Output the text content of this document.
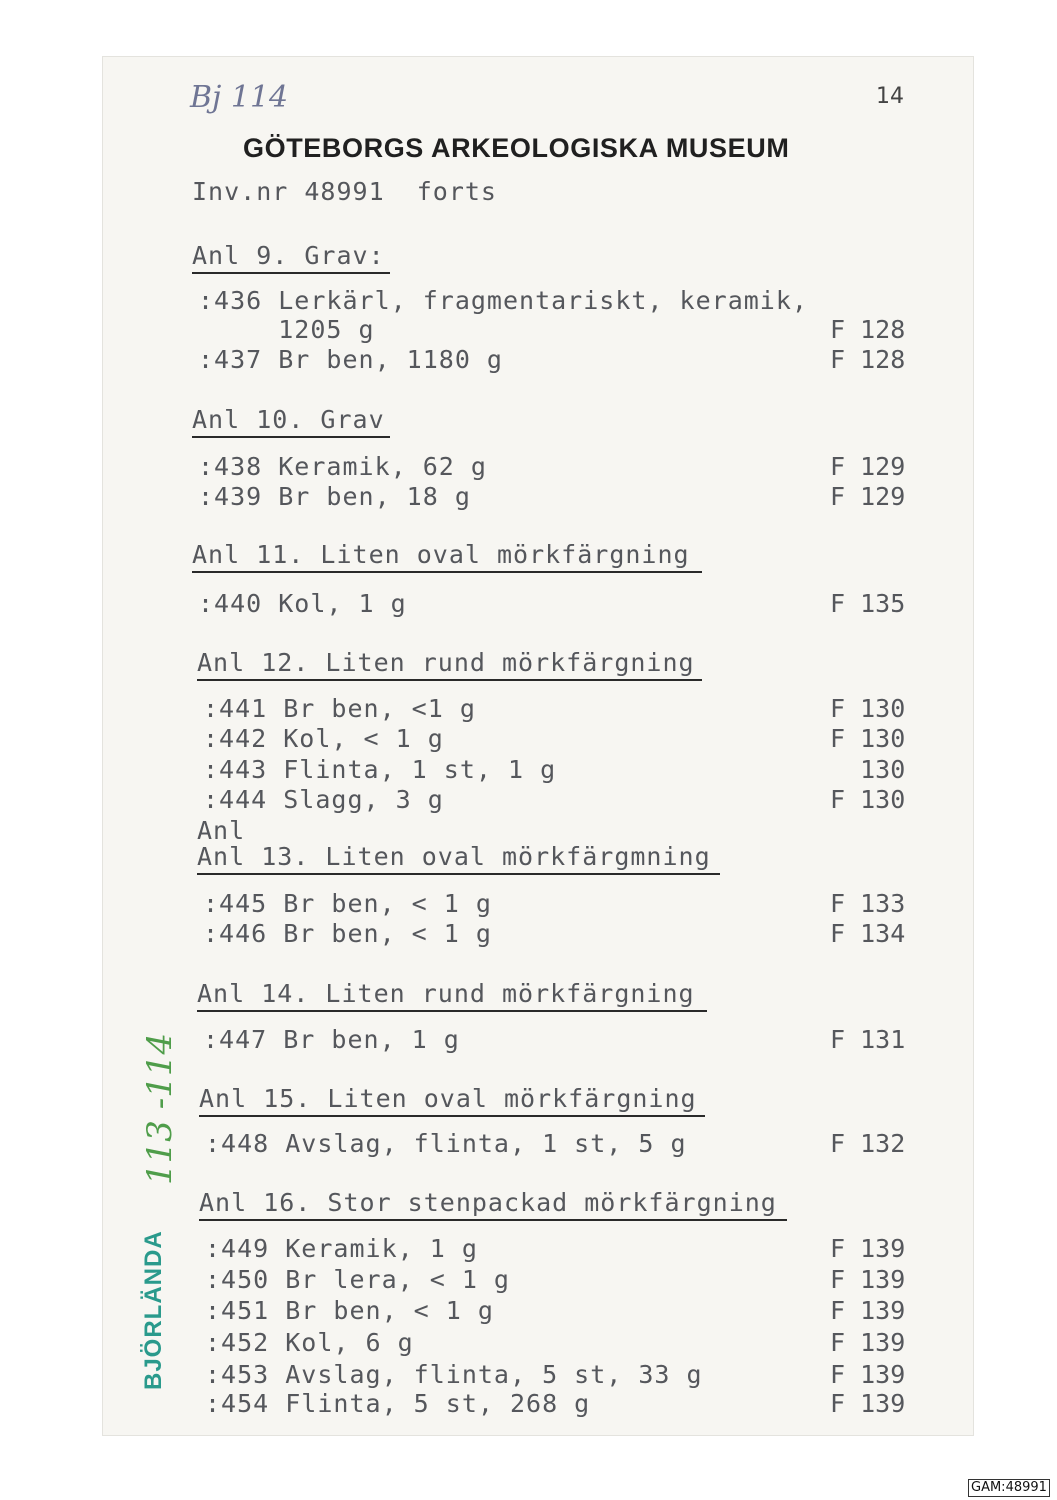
Bj 114	14
GÖTEBORGS ARKEOLOGISKA MUSEUM
Inv.nr 48991  forts
Anl 9. Grav:
:436 Lerkärl, fragmentariskt, keramik,
1205 g	F 128
:437 Br ben, 1180 g	F 128
Anl 10. Grav
:438 Keramik, 62 g	F 129
:439 Br ben, 18 g	F 129
Anl 11. Liten oval mörkfärgning
:440 Kol, 1 g	F 135
Anl 12. Liten rund mörkfärgning
:441 Br ben, <1 g	F 130
:442 Kol, < 1 g	F 130
:443 Flinta, 1 st, 1 g	130
:444 Slagg, 3 g	F 130
Anl
Anl 13. Liten oval mörkfärgmning
:445 Br ben, < 1 g	F 133
:446 Br ben, < 1 g	F 134
Anl 14. Liten rund mörkfärgning
:447 Br ben, 1 g	F 131
Anl 15. Liten oval mörkfärgning
:448 Avslag, flinta, 1 st, 5 g	F 132
Anl 16. Stor stenpackad mörkfärgning
:449 Keramik, 1 g	F 139
:450 Br lera, < 1 g	F 139
:451 Br ben, < 1 g	F 139
:452 Kol, 6 g	F 139
:453 Avslag, flinta, 5 st, 33 g	F 139
:454 Flinta, 5 st, 268 g	F 139
BJÖRLÄNDA
113 -114
GAM:48991
